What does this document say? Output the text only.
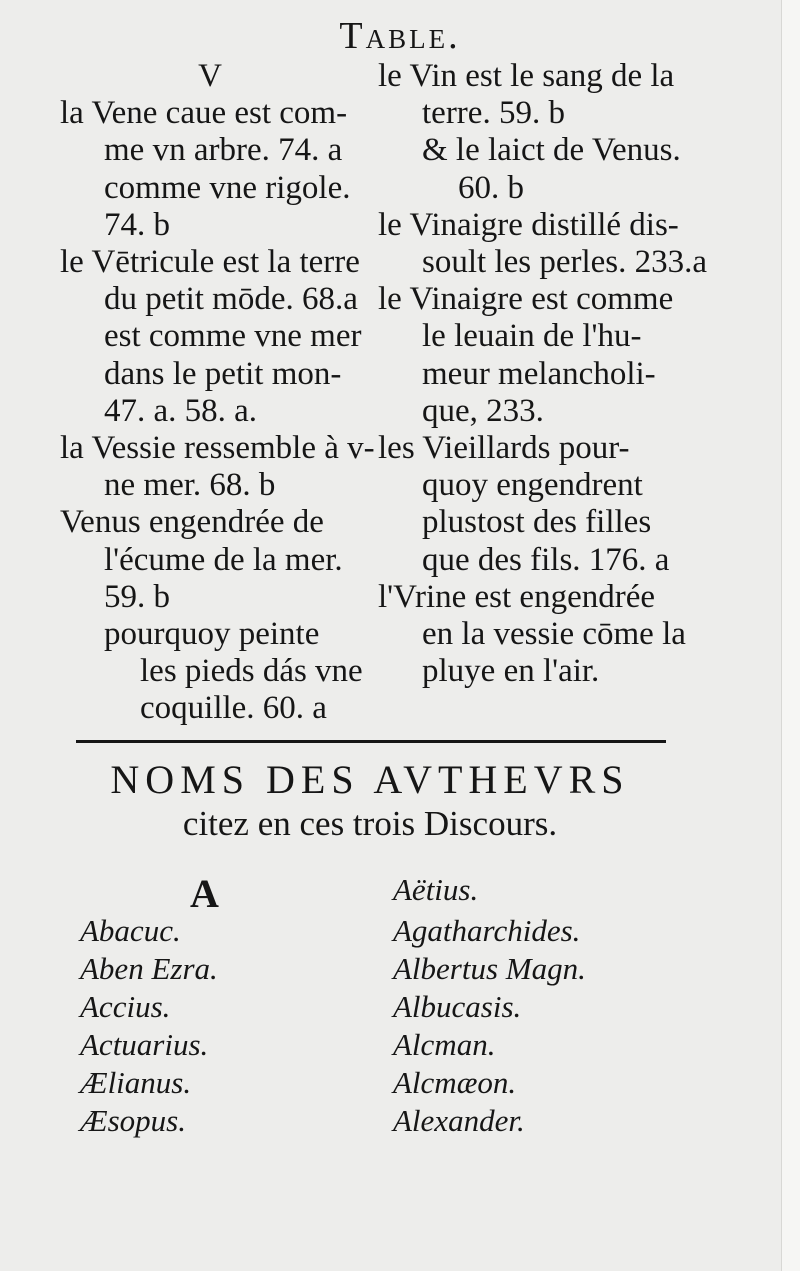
Table.
V
la Vene caue est com-
me vn arbre. 74. a
comme vne rigole.
74. b
le Vētricule est la terre
du petit mōde. 68.a
est comme vne mer
dans le petit mon-
47. a. 58. a.
la Vessie ressemble à v-
ne mer. 68. b
Venus engendrée de
l'écume de la mer.
59. b
pourquoy peinte
les pieds dás vne
coquille. 60. a
le Vin est le sang de la
terre. 59. b
& le laict de Venus.
60. b
le Vinaigre distillé dis-
soult les perles. 233.a
le Vinaigre est comme
le leuain de l'hu-
meur melancholi-
que, 233.
les Vieillards pour-
quoy engendrent
plustost des filles
que des fils. 176. a
l'Vrine est engendrée
en la vessie cōme la
pluye en l'air.
NOMS DES AVTHEVRS
citez en ces trois Discours.
A	Aëtius.
Abacuc.
Aben Ezra.
Accius.
Actuarius.
Ælianus.
Æsopus.
Agatharchides.
Albertus Magn.
Albucasis.
Alcman.
Alcmæon.
Alexander.
